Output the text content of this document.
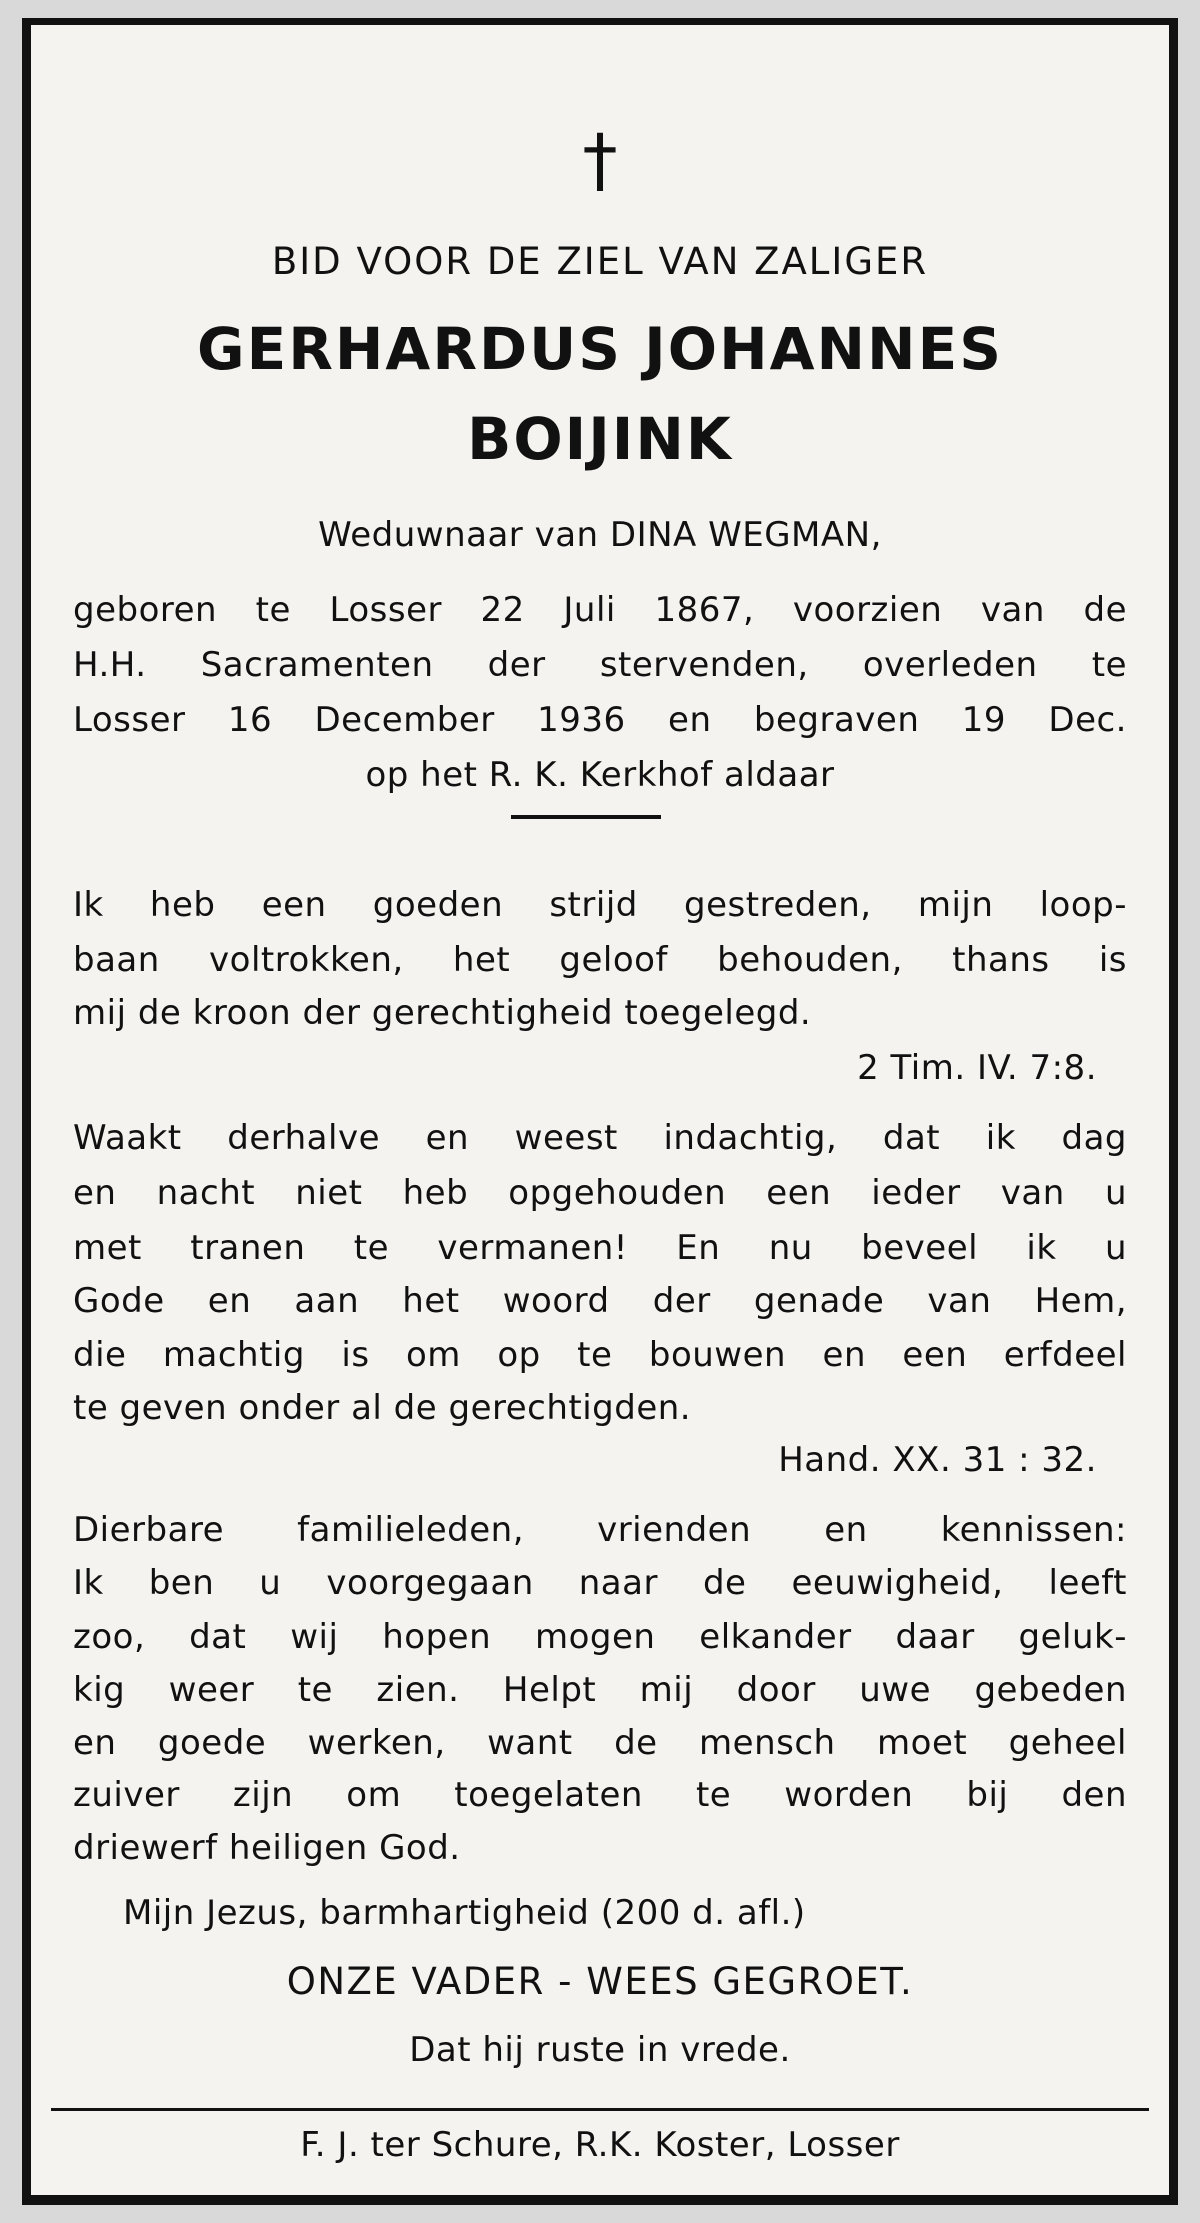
†
BID VOOR DE ZIEL VAN ZALIGER
GERHARDUS JOHANNES
BOIJINK
Weduwnaar van DINA WEGMAN,
geboren te Losser 22 Juli 1867, voorzien van de
H.H. Sacramenten der stervenden, overleden te
Losser 16 December 1936 en begraven 19 Dec.
op het R. K. Kerkhof aldaar
Ik heb een goeden strijd gestreden, mijn loop-
baan voltrokken, het geloof behouden, thans is
mij de kroon der gerechtigheid toegelegd.
2 Tim. IV. 7:8.
Waakt derhalve en weest indachtig, dat ik dag
en nacht niet heb opgehouden een ieder van u
met tranen te vermanen! En nu beveel ik u
Gode en aan het woord der genade van Hem,
die machtig is om op te bouwen en een erfdeel
te geven onder al de gerechtigden.
Hand. XX. 31 : 32.
Dierbare familieleden, vrienden en kennissen:
Ik ben u voorgegaan naar de eeuwigheid, leeft
zoo, dat wij hopen mogen elkander daar geluk-
kig weer te zien. Helpt mij door uwe gebeden
en goede werken, want de mensch moet geheel
zuiver zijn om toegelaten te worden bij den
driewerf heiligen God.
Mijn Jezus, barmhartigheid (200 d. afl.)
ONZE VADER - WEES GEGROET.
Dat hij ruste in vrede.
F. J. ter Schure, R.K. Koster, Losser
